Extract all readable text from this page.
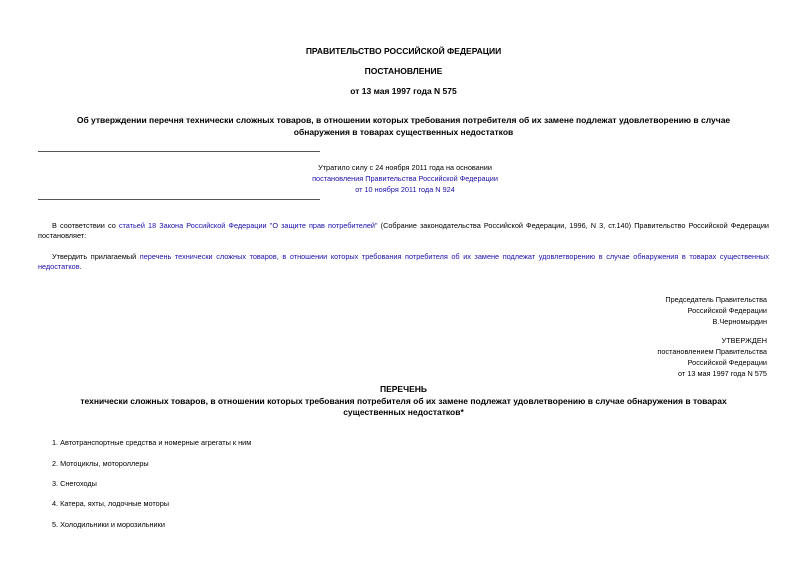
ПРАВИТЕЛЬСТВО РОССИЙСКОЙ ФЕДЕРАЦИИ
ПОСТАНОВЛЕНИЕ
от 13 мая 1997 года N 575
Об утверждении перечня технически сложных товаров, в отношении которых требования потребителя об их замене подлежат удовлетворению в случае
обнаружения в товарах существенных недостатков
Утратило силу с 24 ноября 2011 года на основании
постановления Правительства Российской Федерации
от 10 ноября 2011 года N 924
В соответствии со статьей 18 Закона Российской Федерации "О защите прав потребителей" (Собрание законодательства Российской Федерации, 1996, N 3, ст.140) Правительство Российской Федерации постановляет:
Утвердить прилагаемый перечень технически сложных товаров, в отношении которых требования потребителя об их замене подлежат удовлетворению в случае обнаружения в товарах существенных недостатков.
Председатель Правительства
Российской Федерации
В.Черномырдин
УТВЕРЖДЕН
постановлением Правительства
Российской Федерации
от 13 мая 1997 года N 575
ПЕРЕЧЕНЬ
технически сложных товаров, в отношении которых требования потребителя об их замене подлежат удовлетворению в случае обнаружения в товарах
существенных недостатков*
1. Автотранспортные средства и номерные агрегаты к ним
2. Мотоциклы, мотороллеры
3. Снегоходы
4. Катера, яхты, лодочные моторы
5. Холодильники и морозильники
